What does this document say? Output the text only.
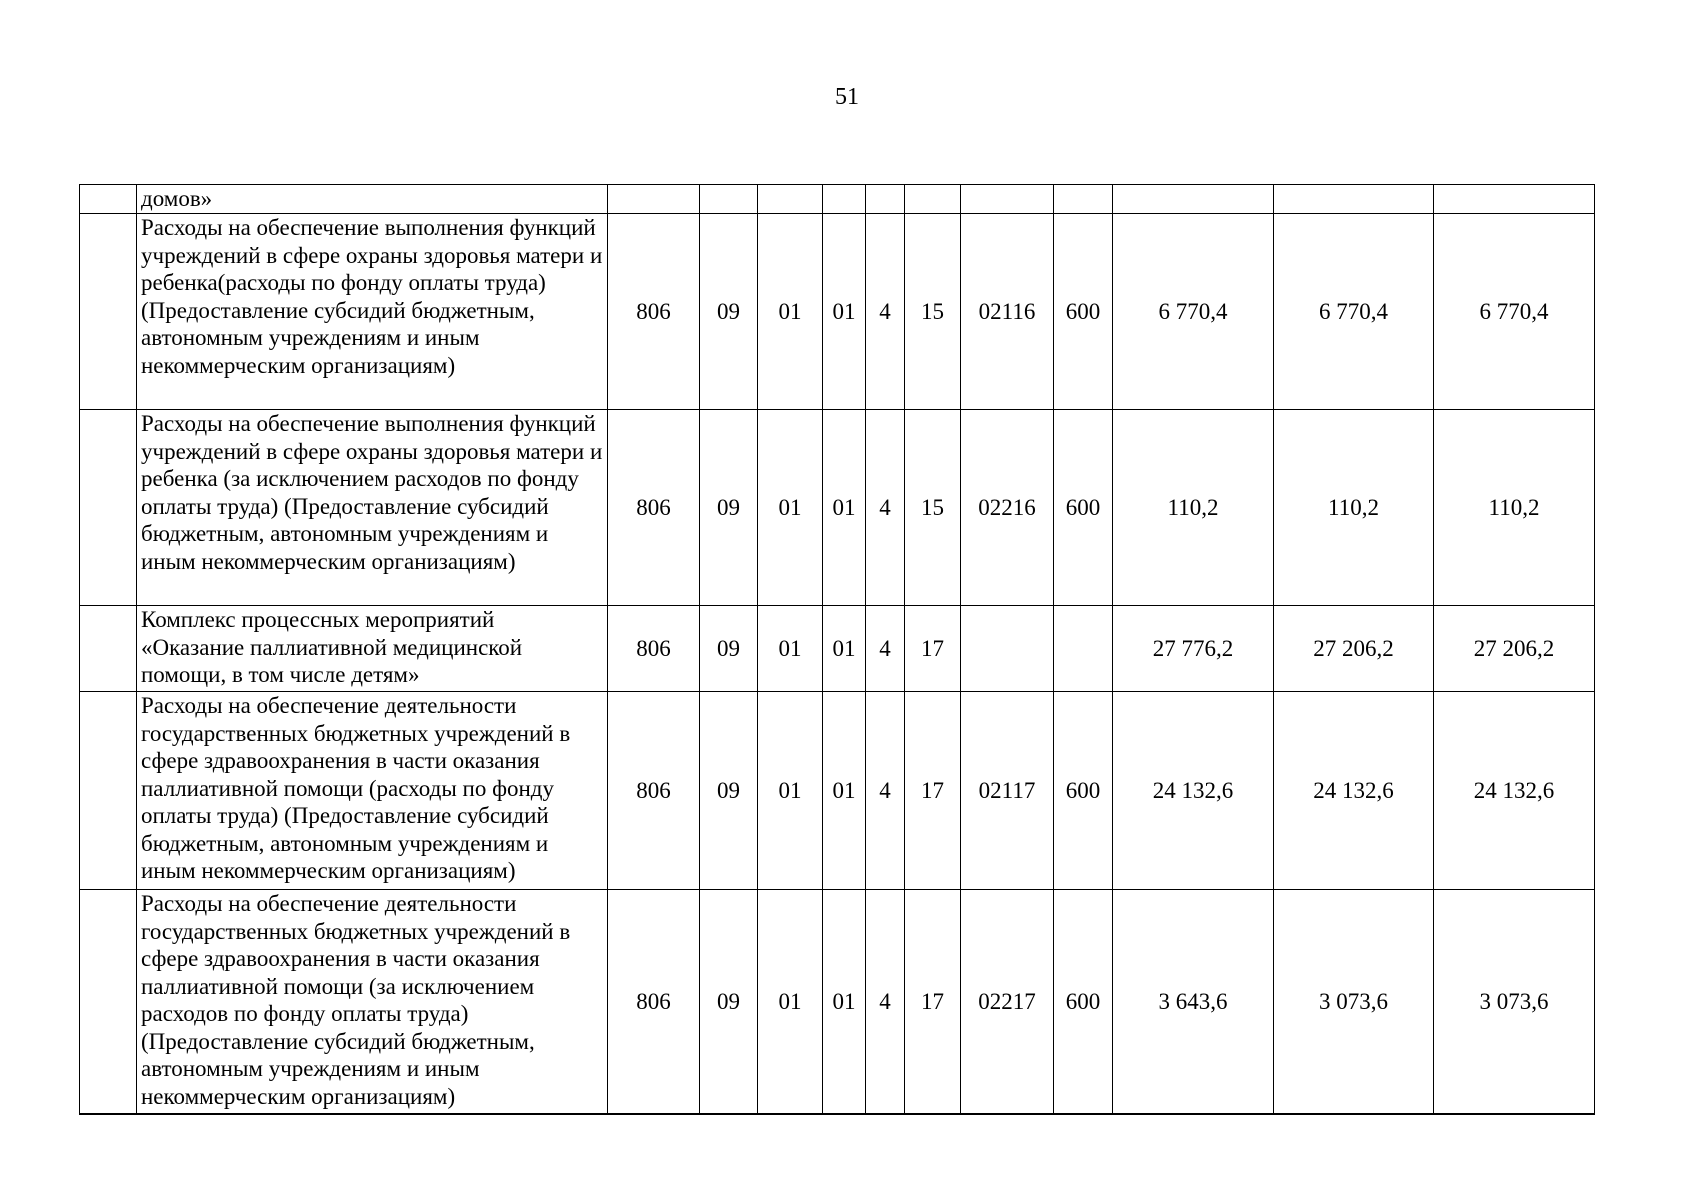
51
	домов»											
	Расходы на обеспечение выполнения функций учреждений в сфере охраны здоровья матери и ребенка(расходы по фонду оплаты труда) (Предоставление субсидий бюджетным, автономным учреждениям и иным некоммерческим организациям)	806	09	01	01	4	15	02116	600	6 770,4	6 770,4	6 770,4
	Расходы на обеспечение выполнения функций учреждений в сфере охраны здоровья матери и ребенка (за исключением расходов по фонду оплаты труда) (Предоставление субсидий бюджетным, автономным учреждениям и иным некоммерческим организациям)	806	09	01	01	4	15	02216	600	110,2	110,2	110,2
	Комплекс процессных мероприятий «Оказание паллиативной медицинской помощи, в том числе детям»	806	09	01	01	4	17			27 776,2	27 206,2	27 206,2
	Расходы на обеспечение деятельности государственных бюджетных учреждений в сфере здравоохранения в части оказания паллиативной помощи (расходы по фонду оплаты труда) (Предоставление субсидий бюджетным, автономным учреждениям и иным некоммерческим организациям)	806	09	01	01	4	17	02117	600	24 132,6	24 132,6	24 132,6
	Расходы на обеспечение деятельности государственных бюджетных учреждений в сфере здравоохранения в части оказания паллиативной помощи (за исключением расходов по фонду оплаты труда) (Предоставление субсидий бюджетным, автономным учреждениям и иным некоммерческим организациям)	806	09	01	01	4	17	02217	600	3 643,6	3 073,6	3 073,6
